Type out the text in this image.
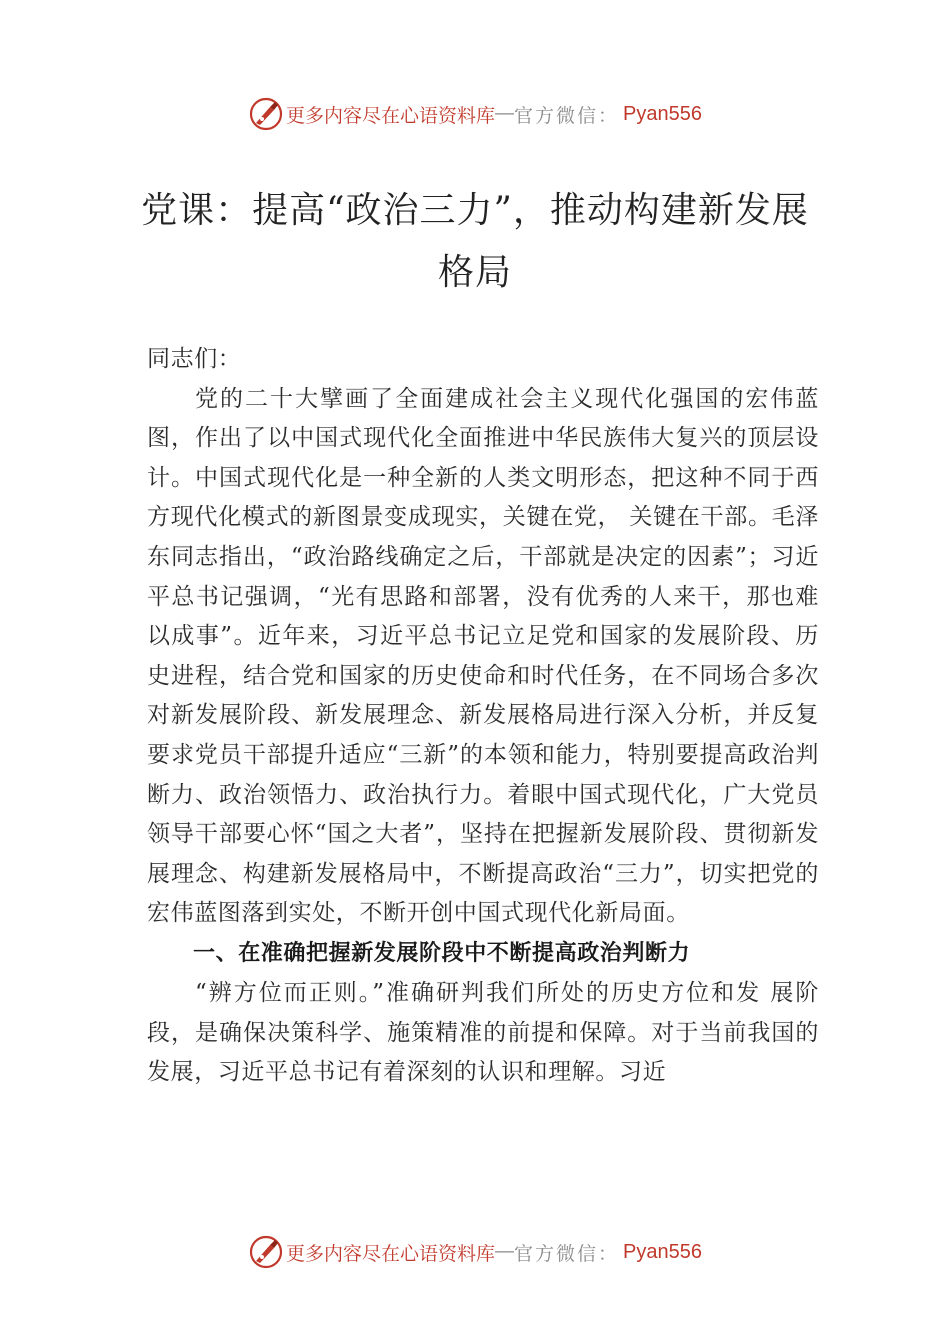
更多内容尽在心语资料库 — 官方微信： Pyan556
党课：提高“政治三力”，推动构建新发展
格局

同志们：

党的二十大擘画了全面建成社会主义现代化强国的宏伟蓝图，作出了以中国式现代化全面推进中华民族伟大复兴的顶层设计。中国式现代化是一种全新的人类文明形态，把这种不同于西方现代化模式的新图景变成现实，关键在党， 关键在干部。毛泽东同志指出，“政治路线确定之后，干部就是决定的因素”；习近平总书记强调，“光有思路和部署，没有优秀的人来干，那也难以成事”。近年来，习近平总书记立足党和国家的发展阶段、历史进程，结合党和国家的历史使命和时代任务，在不同场合多次对新发展阶段、新发展理念、新发展格局进行深入分析，并反复要求党员干部提升适应“三新”的本领和能力，特别要提高政治判断力、政治领悟力、政治执行力。着眼中国式现代化，广大党员领导干部要心怀“国之大者”，坚持在把握新发展阶段、贯彻新发展理念、构建新发展格局中，不断提高政治“三力”，切实把党的宏伟蓝图落到实处，不断开创中国式现代化新局面。

一、在准确把握新发展阶段中不断提高政治判断力

“辨方位而正则。”准确研判我们所处的历史方位和发 展阶段，是确保决策科学、施策精准的前提和保障。对于当前我国的发展，习近平总书记有着深刻的认识和理解。习近

更多内容尽在心语资料库 — 官方微信： Pyan556
